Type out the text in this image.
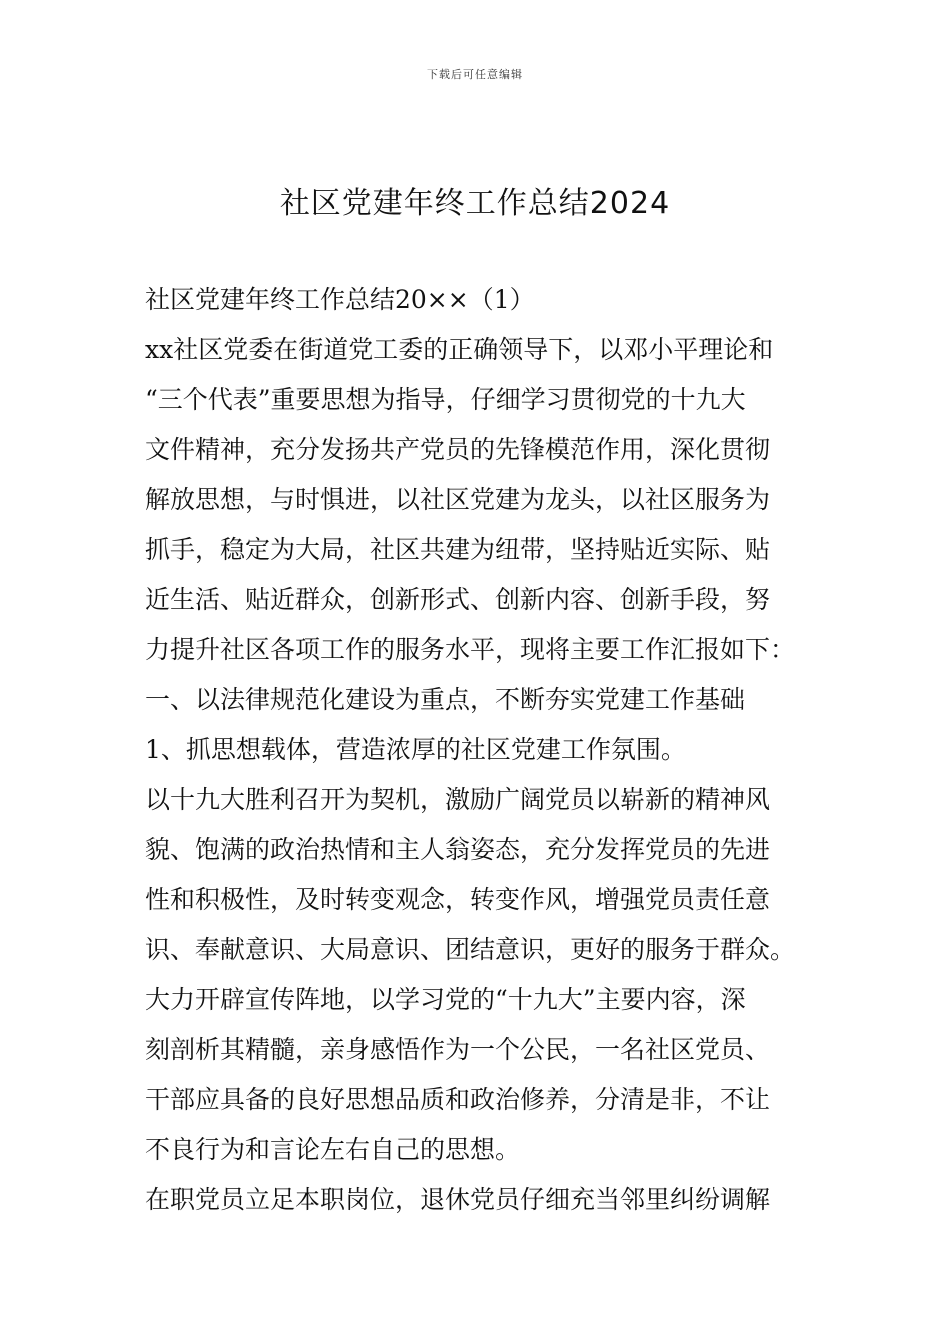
下载后可任意编辑
社区党建年终工作总结2024
社区党建年终工作总结20××（1）
xx社区党委在街道党工委的正确领导下，以邓小平理论和
“三个代表”重要思想为指导，仔细学习贯彻党的十九大
文件精神，充分发扬共产党员的先锋模范作用，深化贯彻
解放思想，与时惧进，以社区党建为龙头，以社区服务为
抓手，稳定为大局，社区共建为纽带，坚持贴近实际、贴
近生活、贴近群众，创新形式、创新内容、创新手段，努
力提升社区各项工作的服务水平，现将主要工作汇报如下：
一、以法律规范化建设为重点，不断夯实党建工作基础
1、抓思想载体，营造浓厚的社区党建工作氛围。
以十九大胜利召开为契机，激励广阔党员以崭新的精神风
貌、饱满的政治热情和主人翁姿态，充分发挥党员的先进
性和积极性，及时转变观念，转变作风，增强党员责任意
识、奉献意识、大局意识、团结意识，更好的服务于群众。
大力开辟宣传阵地，以学习党的“十九大”主要内容，深
刻剖析其精髓，亲身感悟作为一个公民，一名社区党员、
干部应具备的良好思想品质和政治修养，分清是非，不让
不良行为和言论左右自己的思想。
在职党员立足本职岗位，退休党员仔细充当邻里纠纷调解
